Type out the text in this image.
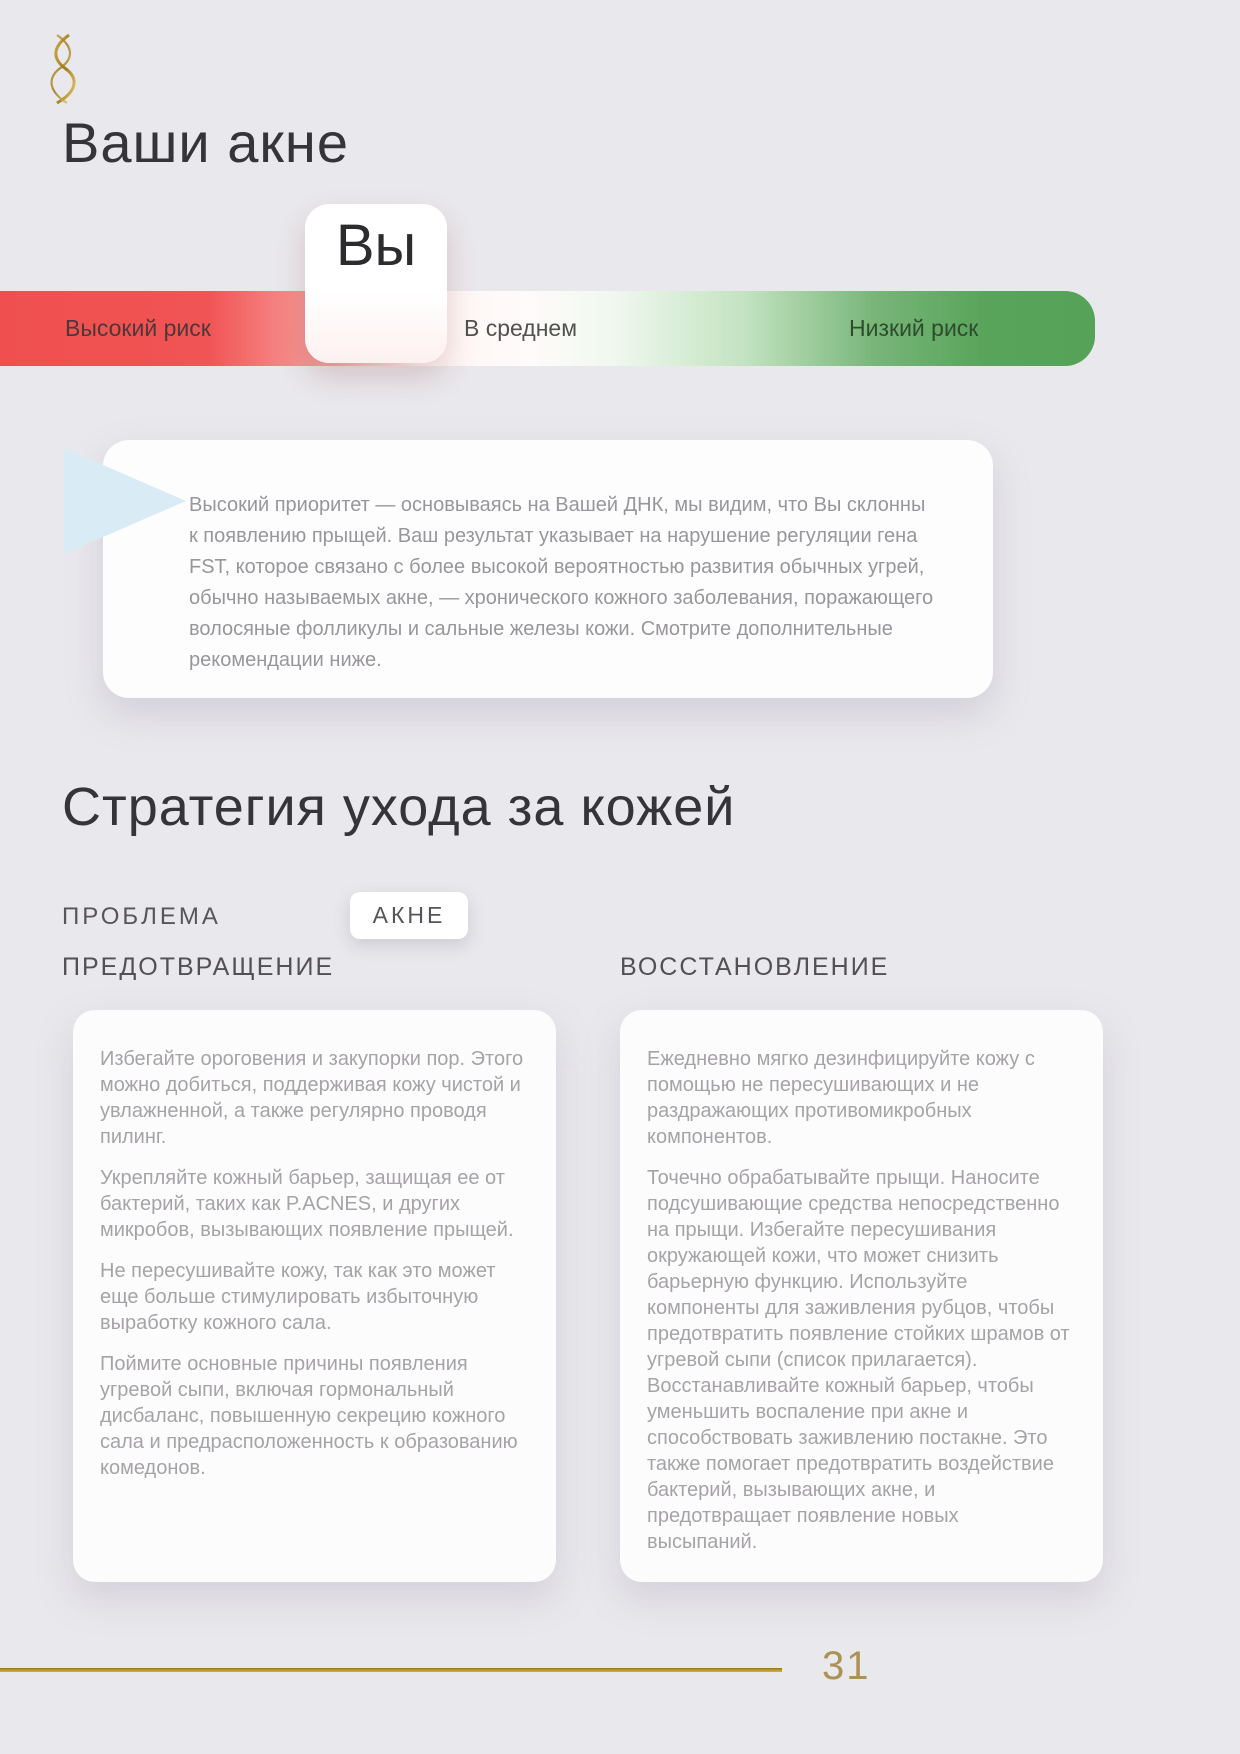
Ваши акне
Высокий риск	В среднем	Низкий риск
Вы
Высокий приоритет — основываясь на Вашей ДНК, мы видим, что Вы склонны
к появлению прыщей. Ваш результат указывает на нарушение регуляции гена
FST, которое связано с более высокой вероятностью развития обычных угрей,
обычно называемых акне, — хронического кожного заболевания, поражающего
волосяные фолликулы и сальные железы кожи. Смотрите дополнительные
рекомендации ниже.
Стратегия ухода за кожей
ПРОБЛЕМА	АКНЕ
ПРЕДОТВРАЩЕНИЕ	ВОССТАНОВЛЕНИЕ

Избегайте ороговения и закупорки пор. Этого можно добиться, поддерживая кожу чистой и увлажненной, а также регулярно проводя пилинг.

Укрепляйте кожный барьер, защищая ее от бактерий, таких как P.ACNES, и других микробов, вызывающих появление прыщей.

Не пересушивайте кожу, так как это может еще больше стимулировать избыточную выработку кожного сала.

Поймите основные причины появления угревой сыпи, включая гормональный дисбаланс, повышенную секрецию кожного сала и предрасположенность к образованию комедонов.

Ежедневно мягко дезинфицируйте кожу с помощью не пересушивающих и не раздражающих противомикробных компонентов.

Точечно обрабатывайте прыщи. Наносите подсушивающие средства непосредственно на прыщи. Избегайте пересушивания окружающей кожи, что может снизить барьерную функцию. Используйте компоненты для заживления рубцов, чтобы предотвратить появление стойких шрамов от угревой сыпи (список прилагается). Восстанавливайте кожный барьер, чтобы уменьшить воспаление при акне и способствовать заживлению постакне. Это также помогает предотвратить воздействие бактерий, вызывающих акне, и предотвращает появление новых высыпаний.

31
